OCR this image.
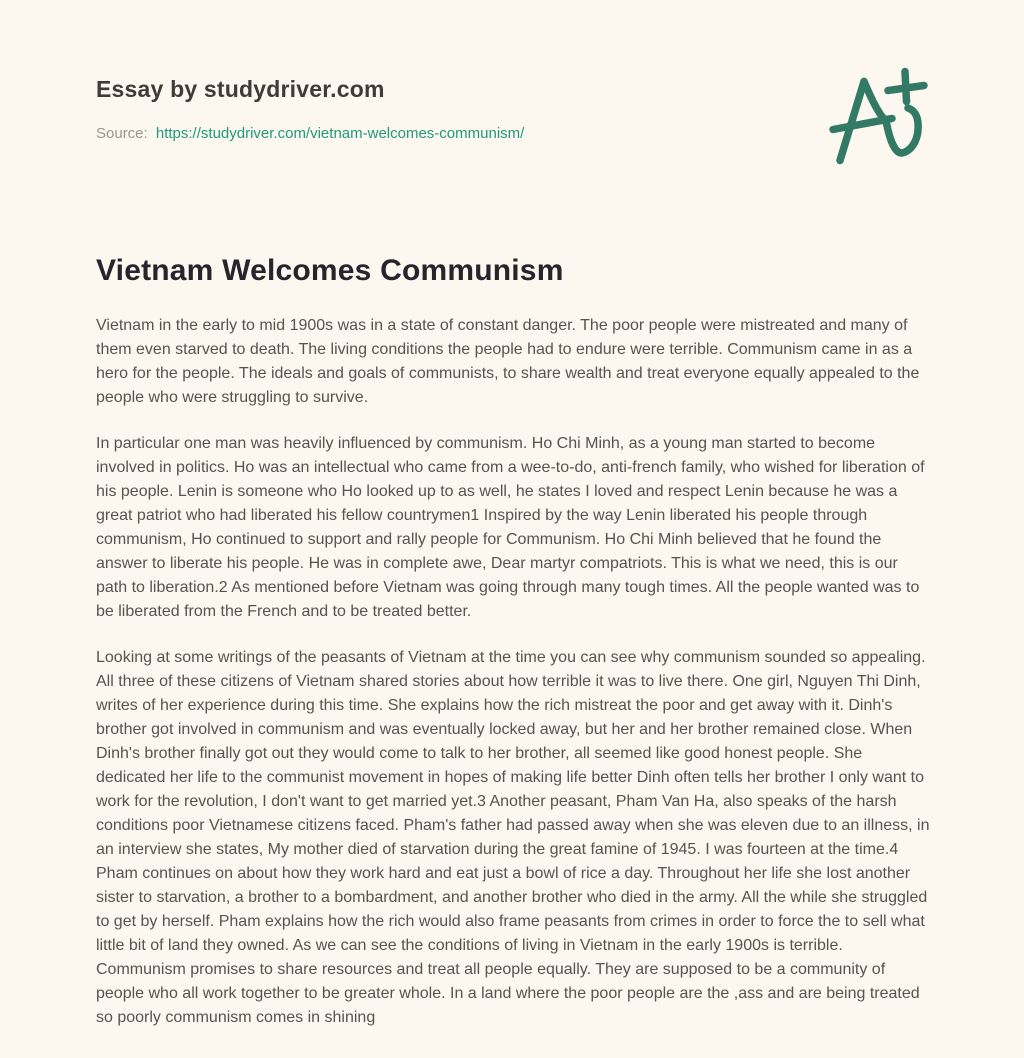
Essay by studydriver.com
Source: https://studydriver.com/vietnam-welcomes-communism/
Vietnam Welcomes Communism

Vietnam in the early to mid 1900s was in a state of constant danger. The poor people were mistreated and many of them even starved to death. The living conditions the people had to endure were terrible. Communism came in as a hero for the people. The ideals and goals of communists, to share wealth and treat everyone equally appealed to the people who were struggling to survive.

In particular one man was heavily influenced by communism. Ho Chi Minh, as a young man started to become involved in politics. Ho was an intellectual who came from a wee-to-do, anti-french family, who wished for liberation of his people. Lenin is someone who Ho looked up to as well, he states I loved and respect Lenin because he was a great patriot who had liberated his fellow countrymen1 Inspired by the way Lenin liberated his people through communism, Ho continued to support and rally people for Communism. Ho Chi Minh believed that he found the answer to liberate his people. He was in complete awe, Dear martyr compatriots. This is what we need, this is our path to liberation.2 As mentioned before Vietnam was going through many tough times. All the people wanted was to be liberated from the French and to be treated better.

Looking at some writings of the peasants of Vietnam at the time you can see why communism sounded so appealing. All three of these citizens of Vietnam shared stories about how terrible it was to live there. One girl, Nguyen Thi Dinh, writes of her experience during this time. She explains how the rich mistreat the poor and get away with it. Dinh's brother got involved in communism and was eventually locked away, but her and her brother remained close. When Dinh's brother finally got out they would come to talk to her brother, all seemed like good honest people. She dedicated her life to the communist movement in hopes of making life better Dinh often tells her brother I only want to work for the revolution, I don't want to get married yet.3 Another peasant, Pham Van Ha, also speaks of the harsh conditions poor Vietnamese citizens faced. Pham's father had passed away when she was eleven due to an illness, in an interview she states, My mother died of starvation during the great famine of 1945. I was fourteen at the time.4 Pham continues on about how they work hard and eat just a bowl of rice a day. Throughout her life she lost another sister to starvation, a brother to a bombardment, and another brother who died in the army. All the while she struggled to get by herself. Pham explains how the rich would also frame peasants from crimes in order to force the to sell what little bit of land they owned. As we can see the conditions of living in Vietnam in the early 1900s is terrible. Communism promises to share resources and treat all people equally. They are supposed to be a community of people who all work together to be greater whole. In a land where the poor people are the ,ass and are being treated so poorly communism comes in shining
